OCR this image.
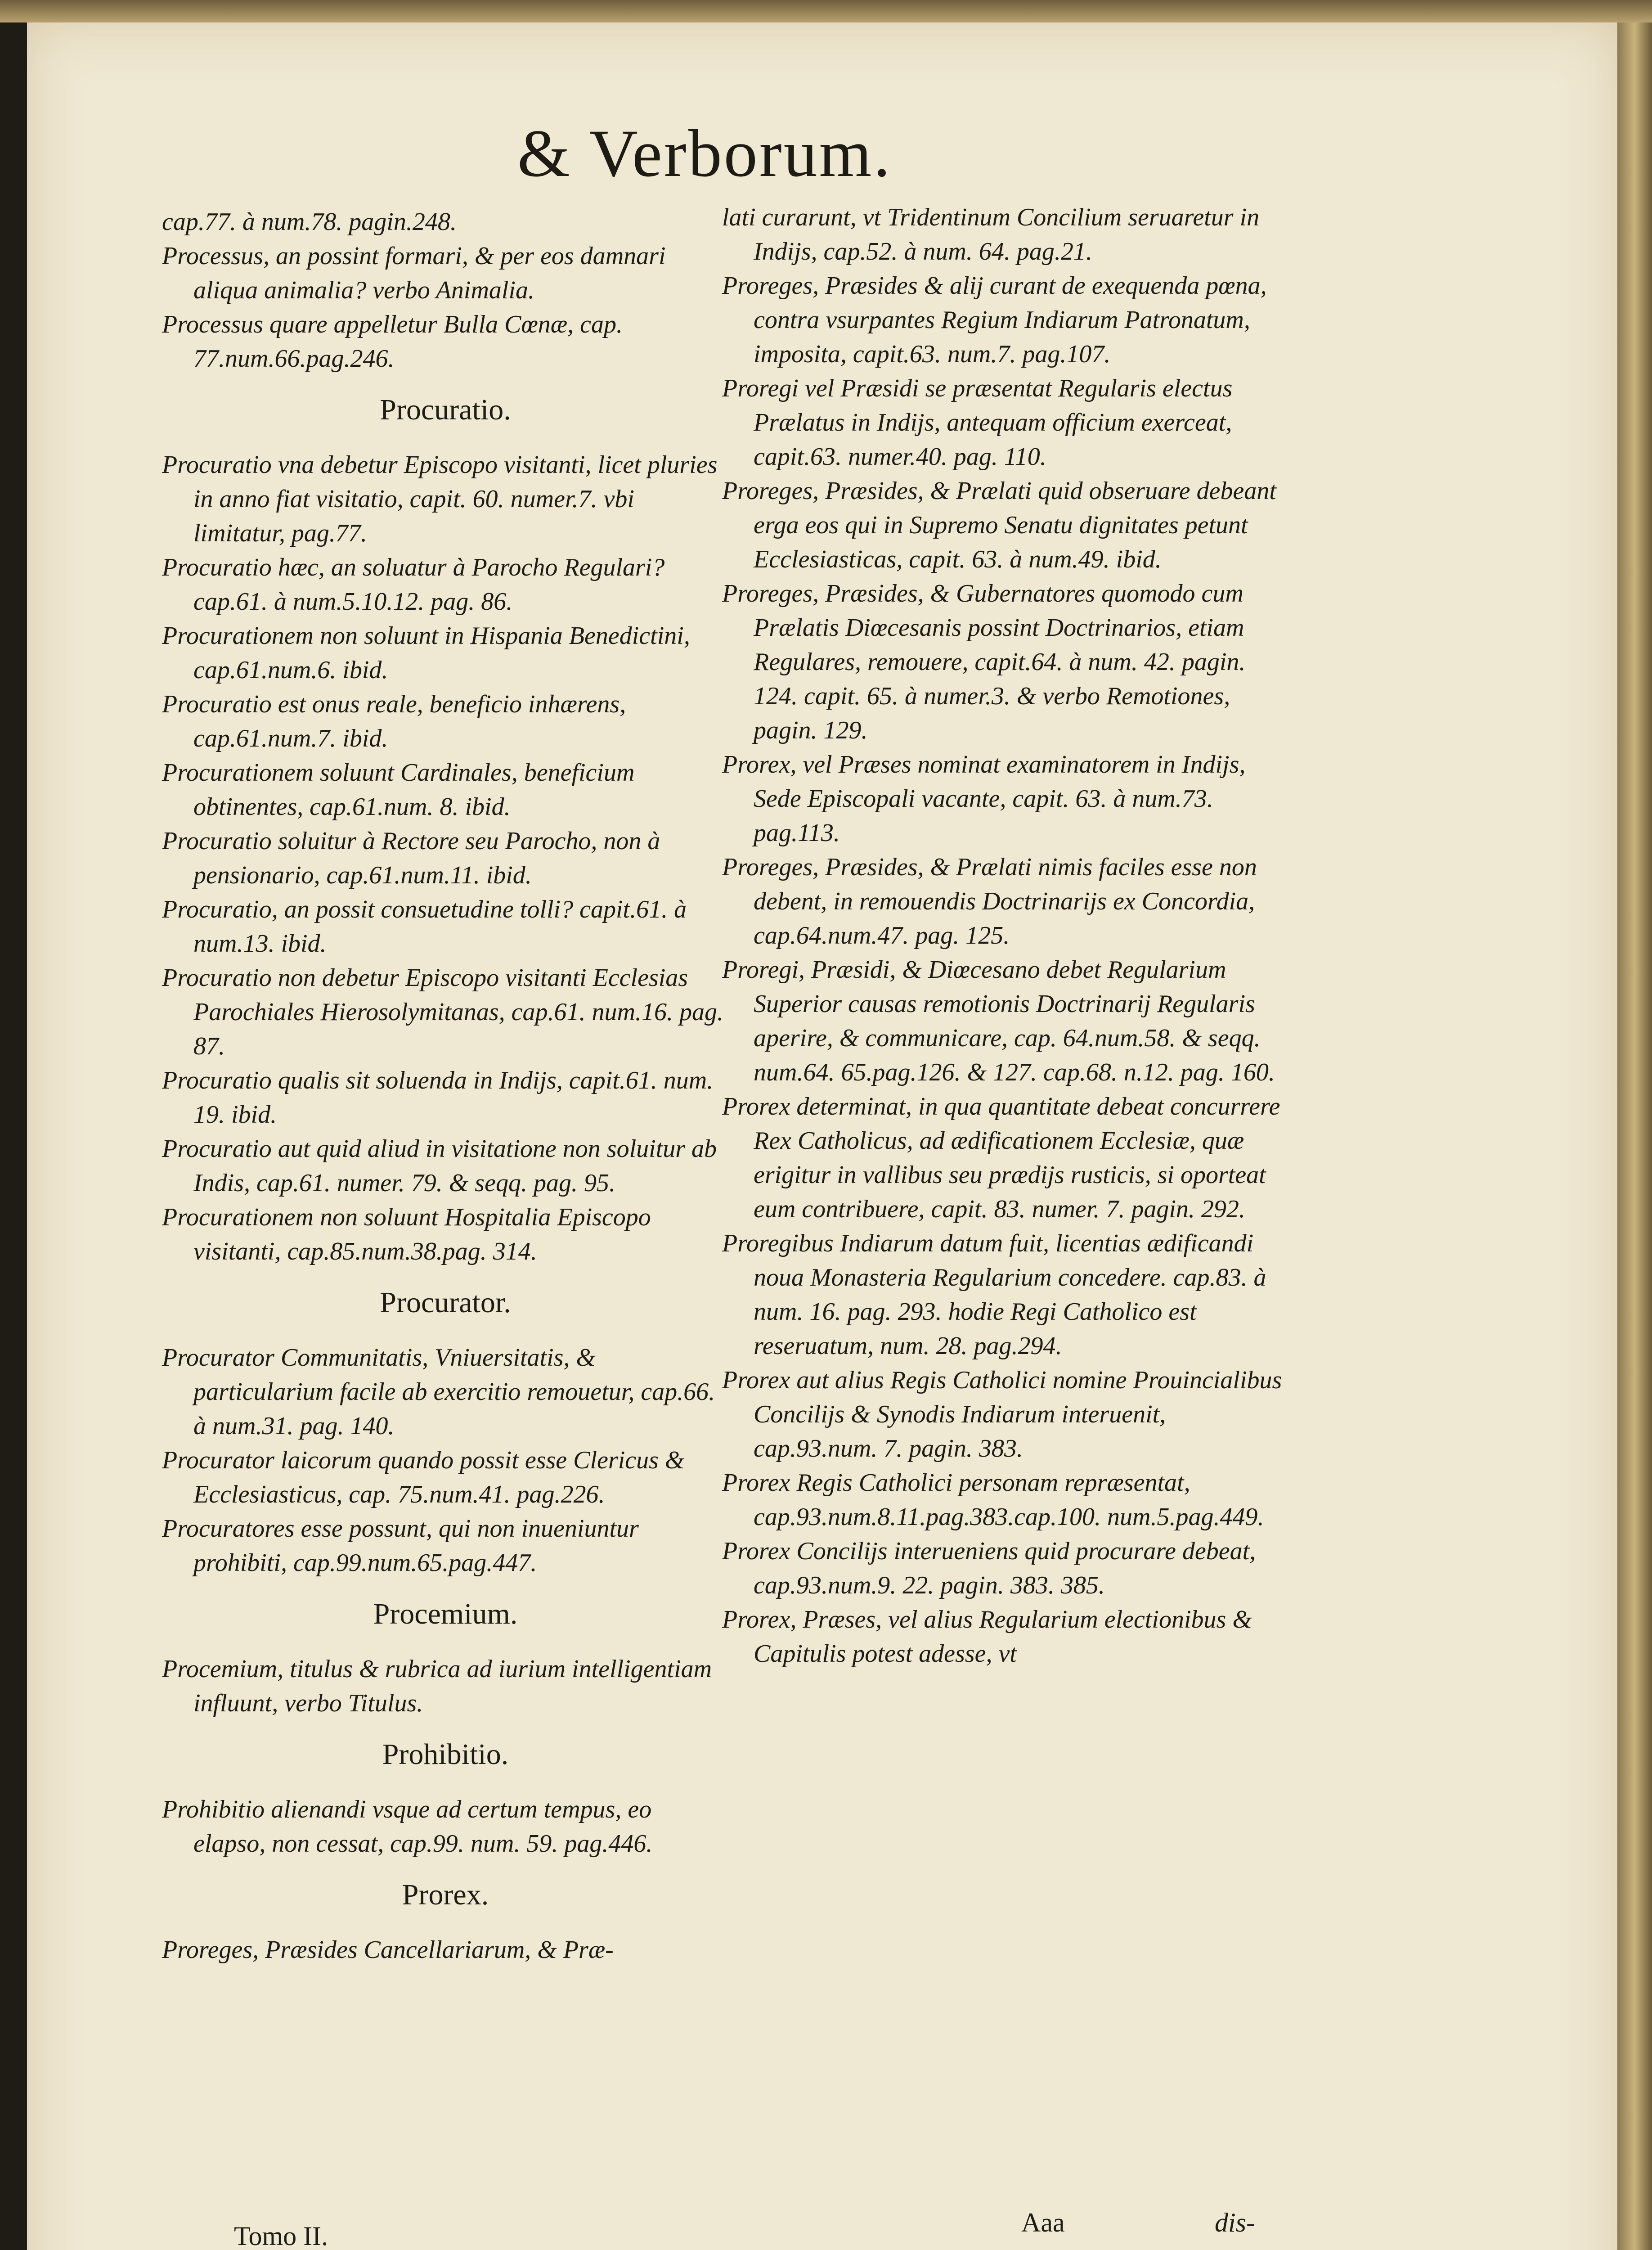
& Verborum.
cap.77. à num.78. pagin.248.
Processus, an possint formari, & per eos damnari aliqua animalia? verbo Animalia.
Processus quare appelletur Bulla Cœnæ, cap. 77.num.66.pag.246.
Procuratio.
Procuratio vna debetur Episcopo visitanti, licet pluries in anno fiat visitatio, capit. 60. numer.7. vbi limitatur, pag.77.
Procuratio hæc, an soluatur à Parocho Regulari? cap.61. à num.5.10.12. pag. 86.
Procurationem non soluunt in Hispania Benedictini, cap.61.num.6. ibid.
Procuratio est onus reale, beneficio inhærens, cap.61.num.7. ibid.
Procurationem soluunt Cardinales, beneficium obtinentes, cap.61.num. 8. ibid.
Procuratio soluitur à Rectore seu Parocho, non à pensionario, cap.61.num.11. ibid.
Procuratio, an possit consuetudine tolli? capit.61. à num.13. ibid.
Procuratio non debetur Episcopo visitanti Ecclesias Parochiales Hierosolymitanas, cap.61. num.16. pag. 87.
Procuratio qualis sit soluenda in Indijs, capit.61. num. 19. ibid.
Procuratio aut quid aliud in visitatione non soluitur ab Indis, cap.61. numer. 79. & seqq. pag. 95.
Procurationem non soluunt Hospitalia Episcopo visitanti, cap.85.num.38.pag. 314.
Procurator.
Procurator Communitatis, Vniuersitatis, & particularium facile ab exercitio remouetur, cap.66. à num.31. pag. 140.
Procurator laicorum quando possit esse Clericus & Ecclesiasticus, cap. 75.num.41. pag.226.
Procuratores esse possunt, qui non inueniuntur prohibiti, cap.99.num.65.pag.447.
Procemium.
Procemium, titulus & rubrica ad iurium intelligentiam influunt, verbo Titulus.
Prohibitio.
Prohibitio alienandi vsque ad certum tempus, eo elapso, non cessat, cap.99. num. 59. pag.446.
Prorex.
Proreges, Præsides Cancellariarum, & Præ-
lati curarunt, vt Tridentinum Concilium seruaretur in Indijs, cap.52. à num. 64. pag.21.
Proreges, Præsides & alij curant de exequenda pœna, contra vsurpantes Regium Indiarum Patronatum, imposita, capit.63. num.7. pag.107.
Proregi vel Præsidi se præsentat Regularis electus Prælatus in Indijs, antequam officium exerceat, capit.63. numer.40. pag. 110.
Proreges, Præsides, & Prælati quid obseruare debeant erga eos qui in Supremo Senatu dignitates petunt Ecclesiasticas, capit. 63. à num.49. ibid.
Proreges, Præsides, & Gubernatores quomodo cum Prælatis Diœcesanis possint Doctrinarios, etiam Regulares, remouere, capit.64. à num. 42. pagin. 124. capit. 65. à numer.3. & verbo Remotiones, pagin. 129.
Prorex, vel Præses nominat examinatorem in Indijs, Sede Episcopali vacante, capit. 63. à num.73. pag.113.
Proreges, Præsides, & Prælati nimis faciles esse non debent, in remouendis Doctrinarijs ex Concordia, cap.64.num.47. pag. 125.
Proregi, Præsidi, & Diœcesano debet Regularium Superior causas remotionis Doctrinarij Regularis aperire, & communicare, cap. 64.num.58. & seqq. num.64. 65.pag.126. & 127. cap.68. n.12. pag. 160.
Prorex determinat, in qua quantitate debeat concurrere Rex Catholicus, ad ædificationem Ecclesiæ, quæ erigitur in vallibus seu prædijs rusticis, si oporteat eum contribuere, capit. 83. numer. 7. pagin. 292.
Proregibus Indiarum datum fuit, licentias ædificandi noua Monasteria Regularium concedere. cap.83. à num. 16. pag. 293. hodie Regi Catholico est reseruatum, num. 28. pag.294.
Prorex aut alius Regis Catholici nomine Prouincialibus Concilijs & Synodis Indiarum interuenit, cap.93.num. 7. pagin. 383.
Prorex Regis Catholici personam repræsentat, cap.93.num.8.11.pag.383.cap.100. num.5.pag.449.
Prorex Concilijs interueniens quid procurare debeat, cap.93.num.9. 22. pagin. 383. 385.
Prorex, Præses, vel alius Regularium electionibus & Capitulis potest adesse, vt
Tomo II.	Aaa	dis-
